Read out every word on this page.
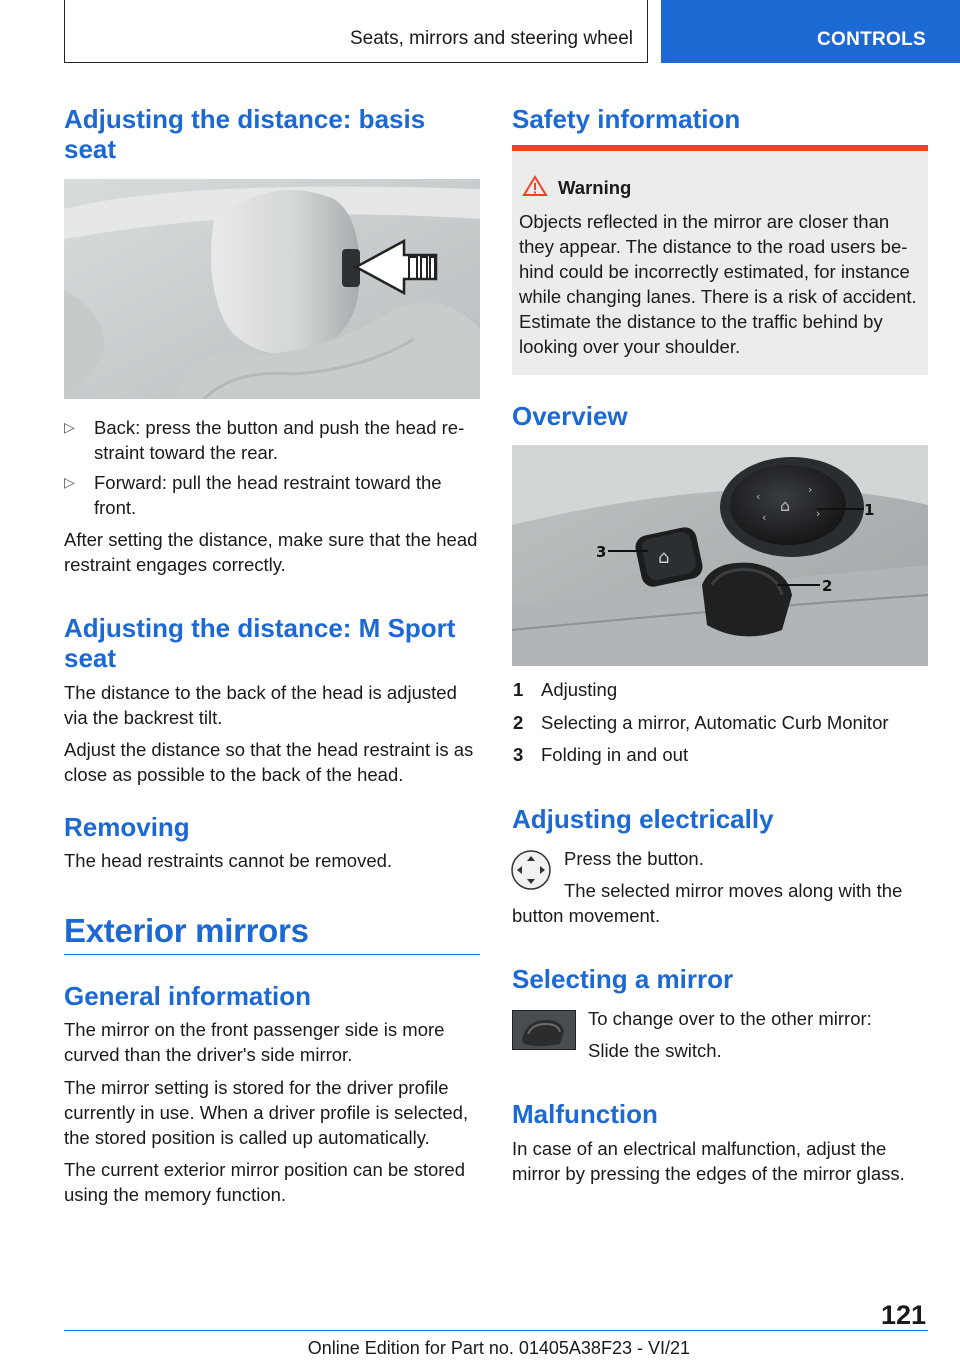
Seats, mirrors and steering wheel	CONTROLS
Adjusting the distance: basis seat
▷ Back: press the button and push the head restraint toward the rear.
▷ Forward: pull the head restraint toward the front.

After setting the distance, make sure that the head restraint engages correctly.

Adjusting the distance: M Sport seat

The distance to the back of the head is adjusted via the backrest tilt.

Adjust the distance so that the head restraint is as close as possible to the back of the head.

Removing

The head restraints cannot be removed.

Exterior mirrors
General information

The mirror on the front passenger side is more curved than the driver's side mirror.

The mirror setting is stored for the driver profile currently in use. When a driver profile is selected, the stored position is called up automatically.

The current exterior mirror position can be stored using the memory function.

Safety information
Warning
Objects reflected in the mirror are closer than they appear. The distance to the road users behind could be incorrectly estimated, for instance while changing lanes. There is a risk of accident. Estimate the distance to the traffic behind by looking over your shoulder.
Overview
⌂
‹
›
‹
›
⌂
1
2
3
1 Adjusting
2 Selecting a mirror, Automatic Curb Monitor
3 Folding in and out
Adjusting electrically

Press the button.

The selected mirror moves along with the button movement.

Selecting a mirror

To change over to the other mirror:

Slide the switch.

Malfunction

In case of an electrical malfunction, adjust the mirror by pressing the edges of the mirror glass.

121
Online Edition for Part no. 01405A38F23 - VI/21
